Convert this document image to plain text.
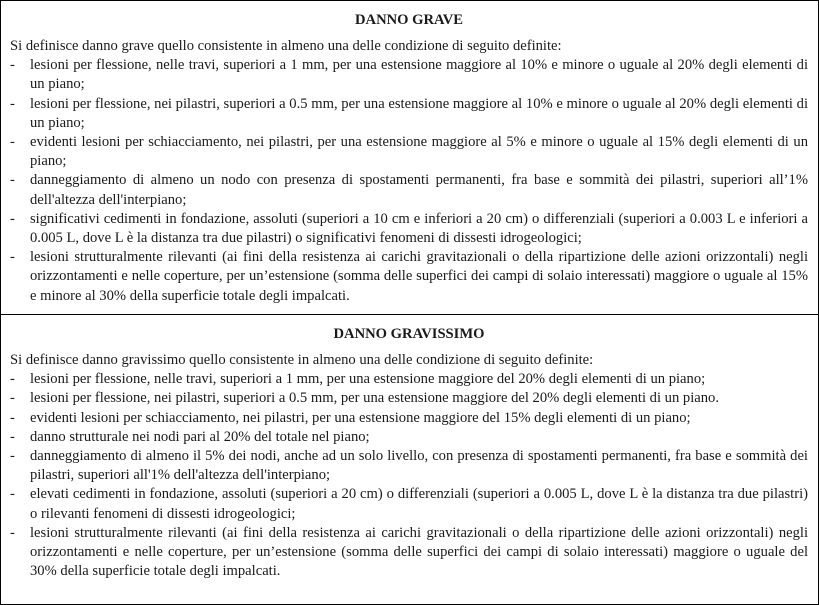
DANNO GRAVE

Si definisce danno grave quello consistente in almeno una delle condizione di seguito definite:

- lesioni per flessione, nelle travi, superiori a 1 mm, per una estensione maggiore al 10% e minore o uguale al 20% degli elementi di un piano;
- lesioni per flessione, nei pilastri, superiori a 0.5 mm, per una estensione maggiore al 10% e minore o uguale al 20% degli elementi di un piano;
- evidenti lesioni per schiacciamento, nei pilastri, per una estensione maggiore al 5% e minore o uguale al 15% degli elementi di un piano;
- danneggiamento di almeno un nodo con presenza di spostamenti permanenti, fra base e sommità dei pilastri, superiori all’1% dell'altezza dell'interpiano;
- significativi cedimenti in fondazione, assoluti (superiori a 10 cm e inferiori a 20 cm) o differenziali (superiori a 0.003 L e inferiori a 0.005 L, dove L è la distanza tra due pilastri) o significativi fenomeni di dissesti idrogeologici;
- lesioni strutturalmente rilevanti (ai fini della resistenza ai carichi gravitazionali o della ripartizione delle azioni orizzontali) negli orizzontamenti e nelle coperture, per un’estensione (somma delle superfici dei campi di solaio interessati) maggiore o uguale al 15% e minore al 30% della superficie totale degli impalcati.
DANNO GRAVISSIMO

Si definisce danno gravissimo quello consistente in almeno una delle condizione di seguito definite:

- lesioni per flessione, nelle travi, superiori a 1 mm, per una estensione maggiore del 20% degli elementi di un piano;
- lesioni per flessione, nei pilastri, superiori a 0.5 mm, per una estensione maggiore del 20% degli elementi di un piano.
- evidenti lesioni per schiacciamento, nei pilastri, per una estensione maggiore del 15% degli elementi di un piano;
- danno strutturale nei nodi pari al 20% del totale nel piano;
- danneggiamento di almeno il 5% dei nodi, anche ad un solo livello, con presenza di spostamenti permanenti, fra base e sommità dei pilastri, superiori all'1% dell'altezza dell'interpiano;
- elevati cedimenti in fondazione, assoluti (superiori a 20 cm) o differenziali (superiori a 0.005 L, dove L è la distanza tra due pilastri) o rilevanti fenomeni di dissesti idrogeologici;
- lesioni strutturalmente rilevanti (ai fini della resistenza ai carichi gravitazionali o della ripartizione delle azioni orizzontali) negli orizzontamenti e nelle coperture, per un’estensione (somma delle superfici dei campi di solaio interessati) maggiore o uguale del 30% della superficie totale degli impalcati.
